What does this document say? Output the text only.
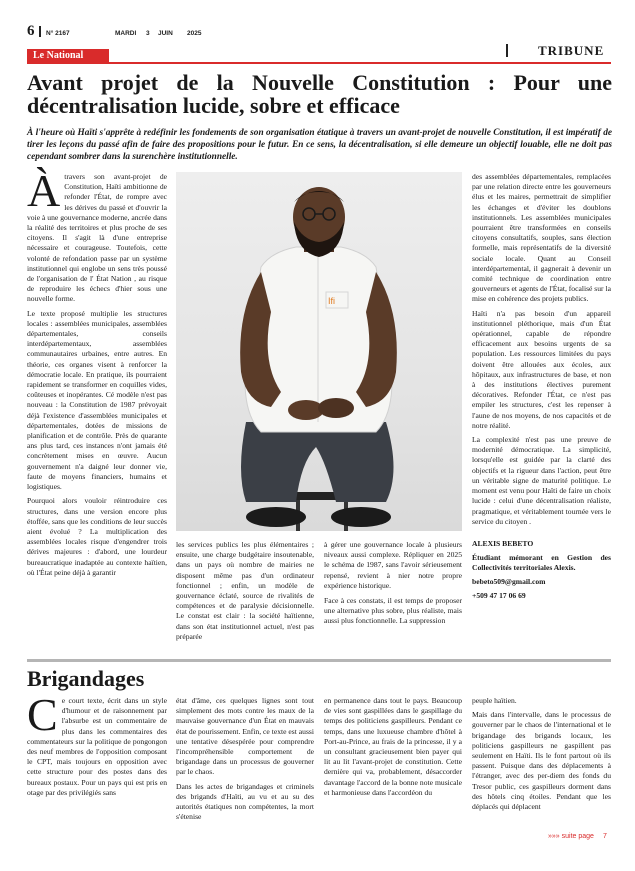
6 N° 2167	MARDI 3 JUIN 2025
Le National	TRIBUNE
Avant projet de la Nouvelle Constitution : Pour une
décentralisation lucide, sobre et efficace
À l'heure où Haïti s'apprête à redéfinir les fondements de son organisation étatique à travers un avant-projet de nouvelle Constitution, il est impératif de tirer les leçons du passé afin de faire des propositions pour le futur. En ce sens, la décentralisation, si elle demeure un objectif louable, elle ne doit pas cependant sombrer dans la surenchère institutionnelle.

Àtravers son avant-projet de Constitution, Haïti ambitionne de refonder l'État, de rompre avec les dérives du passé et d'ouvrir la voie à une gouvernance moderne, ancrée dans la réalité des territoires et plus proche de ses citoyens. Il s'agit là d'une entreprise nécessaire et courageuse. Toutefois, cette volonté de refondation passe par un système institutionnel qui englobe un sens très poussé de l'organisation de l' État Nation , au risque de reproduire les échecs d'hier sous une nouvelle forme.

Le texte proposé multiplie les structures locales : assemblées municipales, assemblées départementales, conseils interdépartementaux, assemblées communautaires urbaines, entre autres. En théorie, ces organes visent à renforcer la démocratie locale. En pratique, ils pourraient rapidement se transformer en coquilles vides, coûteuses et inopérantes. Cé modèle n'est pas nouveau : la Constitution de 1987 prévoyait déjà l'existence d'assemblées municipales et départementales, dotées de missions de planification et de contrôle. Près de quarante ans plus tard, ces instances n'ont jamais été concrètement mises en œuvre. Aucun gouvernement n'a daigné leur donner vie, faute de moyens financiers, humains et logistiques.

Pourquoi alors vouloir réintroduire ces structures, dans une version encore plus étoffée, sans que les conditions de leur succès aient évolué ? La multiplication des assemblées locales risque d'engendrer trois dérives majeures : d'abord, une lourdeur bureaucratique inadaptée au contexte haïtien, où l'État peine déjà à garantir

Ifi

les services publics les plus élémentaires ; ensuite, une charge budgétaire insoutenable, dans un pays où nombre de mairies ne disposent même pas d'un ordinateur fonctionnel ; enfin, un modèle de gouvernance éclaté, source de rivalités de compétences et de paralysie décisionnelle. Le constat est clair : la société haïtienne, dans son état institutionnel actuel, n'est pas préparée

à gérer une gouvernance locale à plusieurs niveaux aussi complexe. Répliquer en 2025 le schéma de 1987, sans l'avoir sérieusement repensé, revient à nier notre propre expérience historique.

Face à ces constats, il est temps de proposer une alternative plus sobre, plus réaliste, mais aussi plus fonctionnelle. La suppression

des assemblées départementales, remplacées par une relation directe entre les gouverneurs élus et les maires, permettrait de simplifier les échanges et d'éviter les doublons institutionnels. Les assemblées municipales pourraient être transformées en conseils citoyens consultatifs, souples, sans élection formelle, mais représentatifs de la diversité sociale locale. Quant au Conseil interdépartemental, il gagnerait à devenir un comité technique de coordination entre gouverneurs et agents de l'État, focalisé sur la mise en cohérence des projets publics.

Haïti n'a pas besoin d'un appareil institutionnel pléthorique, mais d'un État opérationnel, capable de répondre efficacement aux besoins urgents de sa population. Les ressources limitées du pays doivent être allouées aux écoles, aux hôpitaux, aux infrastructures de base, et non à des institutions électives purement décoratives. Refonder l'État, ce n'est pas empiler les structures, c'est les repenser à l'aune de nos moyens, de nos capacités et de notre réalité.

La complexité n'est pas une preuve de modernité démocratique. La simplicité, lorsqu'elle est guidée par la clarté des objectifs et la rigueur dans l'action, peut être un véritable signe de maturité politique. Le moment est venu pour Haïti de faire un choix lucide : celui d'une décentralisation réaliste, pragmatique, et véritablement tournée vers le service du citoyen .

ALEXIS BEBETO

Étudiant mémorant en Gestion des Collectivités territoriales Alexis.

bebeto509@gmail.com

+509 47 17 06 69

Brigandages

Ce court texte, écrit dans un style d'humour et de raisonnement par l'absurbe est un commentaire de plus dans les commentaires des commentateurs sur la politique de pongongon des neuf membres de l'opposition composant le CPT, mais toujours en opposition avec cette structure pour des postes dans des bureaux postaux. Pour un pays qui est pris en otage par des privilégiés sans

état d'âme, ces quelques lignes sont tout simplement des mots contre les maux de la mauvaise gouvernance d'un État en mauvais état de pourissement. Enfin, ce texte est aussi une tentative désespérée pour comprendre l'incompréhensible comportement de brigandage dans un processus de gouverner par le chaos.

Dans les actes de brigandages et criminels des brigands d'Haïti, au vu et au su des autorités étatiques non compétentes, la mort s'étenise

en permanence dans tout le pays. Beaucoup de vies sont gaspillées dans le gaspillage du temps des politiciens gaspilleurs. Pendant ce temps, dans une luxueuse chambre d'hôtel à Port-au-Prince, au frais de la princesse, il y a un consultant gracieusement bien payer qui lit au lit l'avant-projet de constitution. Cette dernière qui va, probablement, désaccorder davantage l'accord de la bonne note musicale et harmonieuse dans l'accordéon du

peuple haïtien.

Mais dans l'intervalle, dans le processus de gouverner par le chaos de l'international et le brigandage des brigands locaux, les politiciens gaspilleurs ne gaspillent pas seulement en Haïti. Ils le font partout où ils passent. Puisque dans des déplacements à l'étranger, avec des per-diem des fonds du Tresor public, ces gaspilleurs dorment dans des hôtels cinq étoiles. Pendant que les déplacés qui déplacent

»»» suite page 7
